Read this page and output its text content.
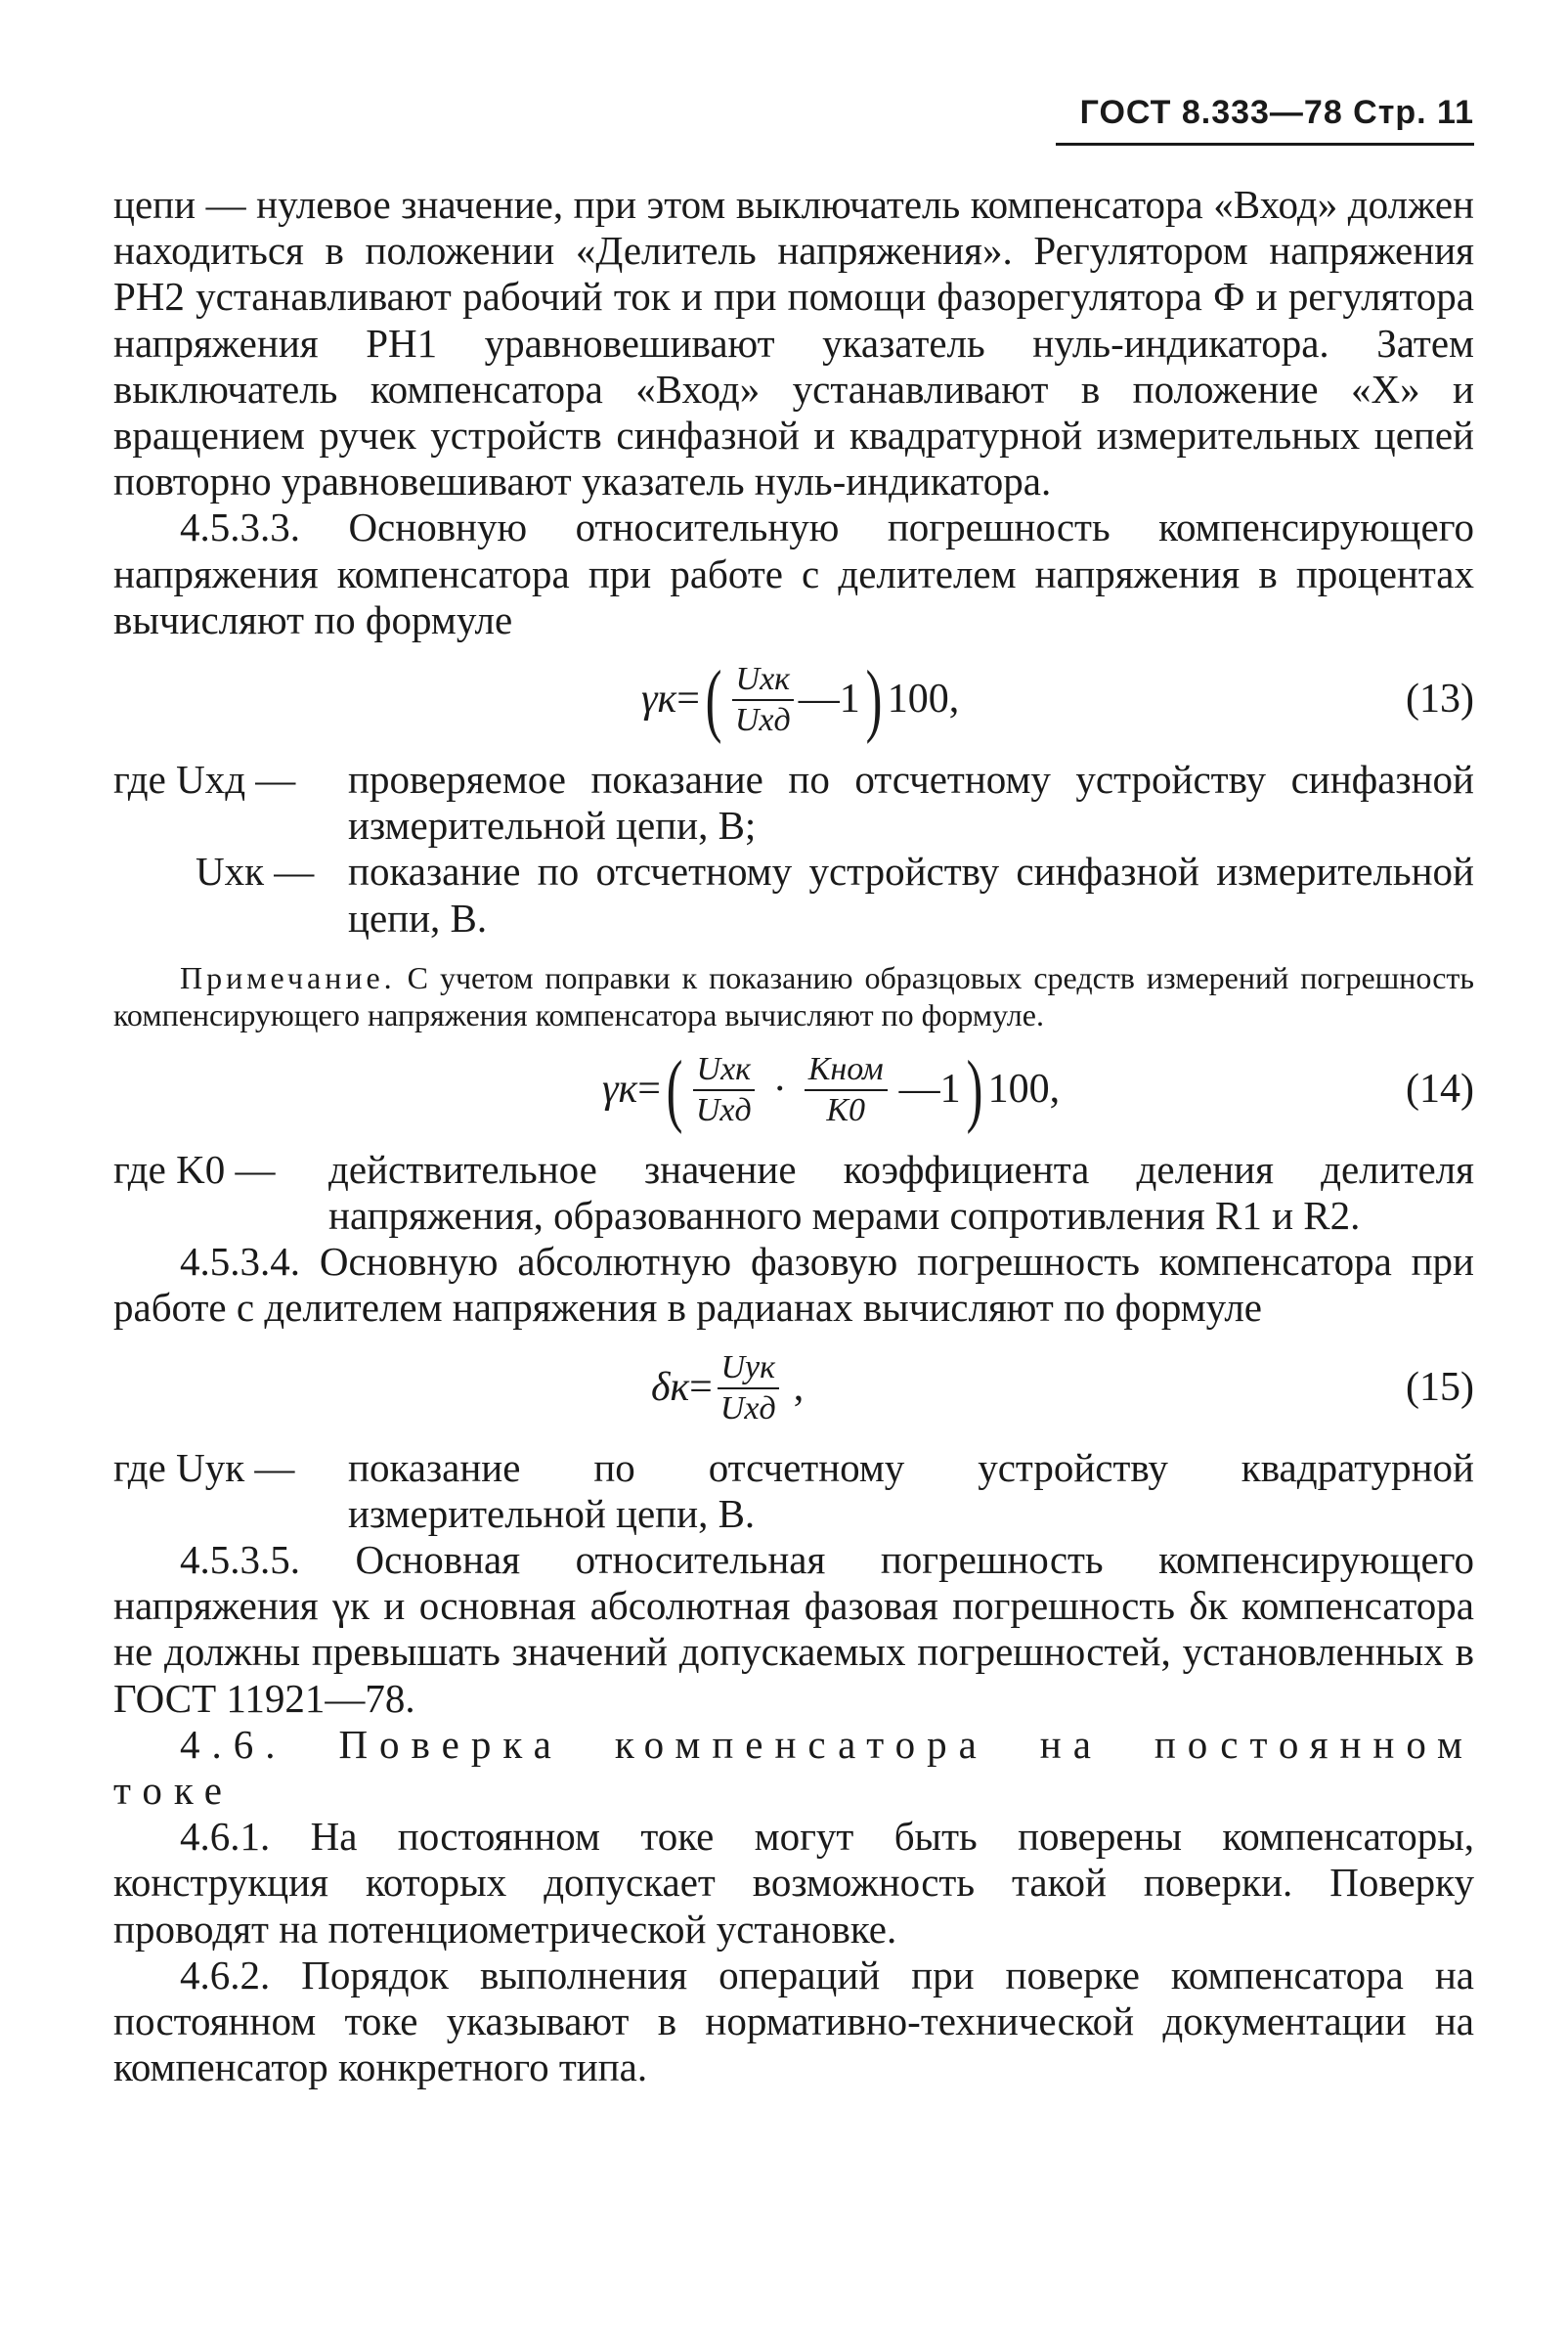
ГОСТ 8.333—78 Стр. 11

цепи — нулевое значение, при этом выключатель компенсатора «Вход» должен находиться в положении «Делитель напряжения». Регулятором напряжения РН2 устанавливают рабочий ток и при помощи фазорегулятора Ф и регулятора напряжения РН1 уравновешивают указатель нуль-индикатора. Затем выключатель компенсатора «Вход» устанавливают в положение «X» и вращением ручек устройств синфазной и квадратурной измерительных цепей повторно уравновешивают указатель нуль-индикатора.

4.5.3.3. Основную относительную погрешность компенсирующего напряжения компенсатора при работе с делителем напряжения в процентах вычисляют по формуле

γк = ( $\frac{\text{Uхк}}{\text{Uхд}}$ —1 ) 100,	(13)
где Uхд —	проверяемое показание по отсчетному устройству синфазной измерительной цепи, В;
Uхк — показание по отсчетному устройству синфазной измерительной цепи, В.

Примечание. С учетом поправки к показанию образцовых средств измерений погрешность компенсирующего напряжения компенсатора вычисляют по формуле.

γк = ( $\frac{\text{Uхк}}{\text{Uхд}} \cdot \frac{\text{Kном}}{K0}$ —1 ) 100,	(14)
где K0 —	действительное значение коэффициента деления делителя напряжения, образованного мерами сопротивления R1 и R2.

4.5.3.4. Основную абсолютную фазовую погрешность компенсатора при работе с делителем напряжения в радианах вычисляют по формуле

$\delta к = \frac{\text{Uук}}{\text{Uхд}}$ ,	(15)
где Uук —	показание по отсчетному устройству квадратурной измерительной цепи, В.

4.5.3.5. Основная относительная погрешность компенсирующего напряжения γк и основная абсолютная фазовая погрешность δк компенсатора не должны превышать значений допускаемых погрешностей, установленных в ГОСТ 11921—78.

4.6. Поверка компенсатора на постоянном токе

4.6.1. На постоянном токе могут быть поверены компенсаторы, конструкция которых допускает возможность такой поверки. Поверку проводят на потенциометрической установке.

4.6.2. Порядок выполнения операций при поверке компенсатора на постоянном токе указывают в нормативно-технической документации на компенсатор конкретного типа.
